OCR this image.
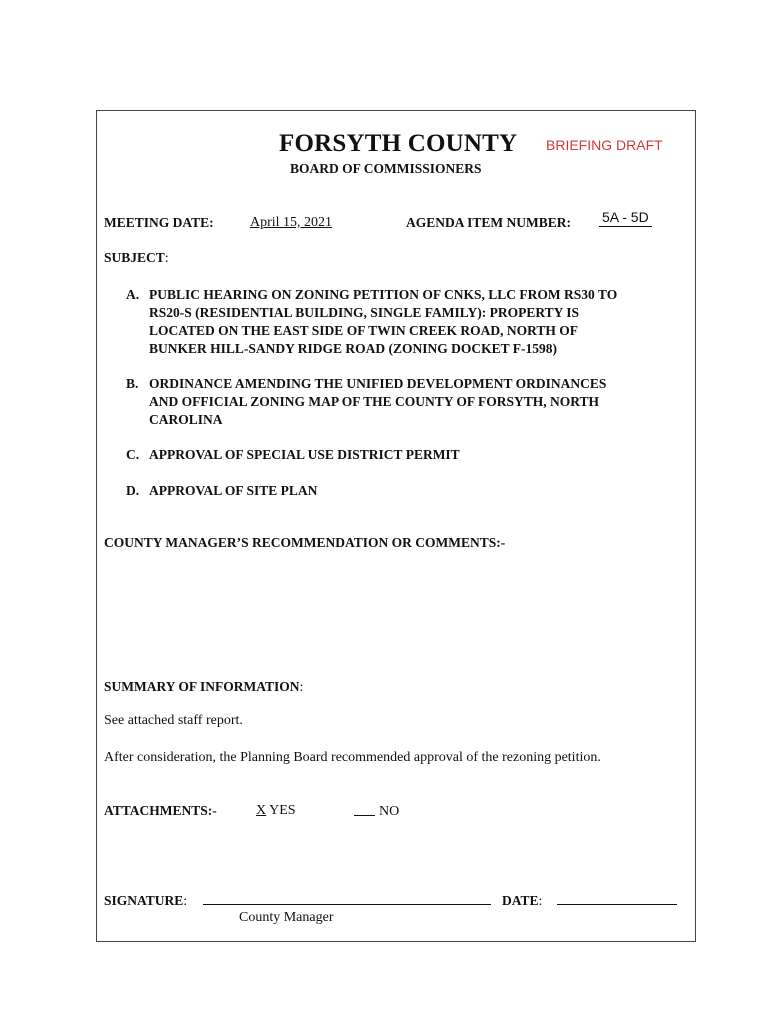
FORSYTH COUNTY BRIEFING DRAFT
BOARD OF COMMISSIONERS
MEETING DATE:	April 15, 2021	AGENDA ITEM NUMBER: 5A - 5D
SUBJECT:
A. PUBLIC HEARING ON ZONING PETITION OF CNKS, LLC FROM RS30 TO
RS20-S (RESIDENTIAL BUILDING, SINGLE FAMILY): PROPERTY IS
LOCATED ON THE EAST SIDE OF TWIN CREEK ROAD, NORTH OF
BUNKER HILL-SANDY RIDGE ROAD (ZONING DOCKET F-1598)
B. ORDINANCE AMENDING THE UNIFIED DEVELOPMENT ORDINANCES
AND OFFICIAL ZONING MAP OF THE COUNTY OF FORSYTH, NORTH
CAROLINA
C. APPROVAL OF SPECIAL USE DISTRICT PERMIT
D. APPROVAL OF SITE PLAN
COUNTY MANAGER’S RECOMMENDATION OR COMMENTS:-
SUMMARY OF INFORMATION:
See attached staff report.
After consideration, the Planning Board recommended approval of the rezoning petition.
ATTACHMENTS:-	X YES	NO
SIGNATURE:	DATE:
County Manager
